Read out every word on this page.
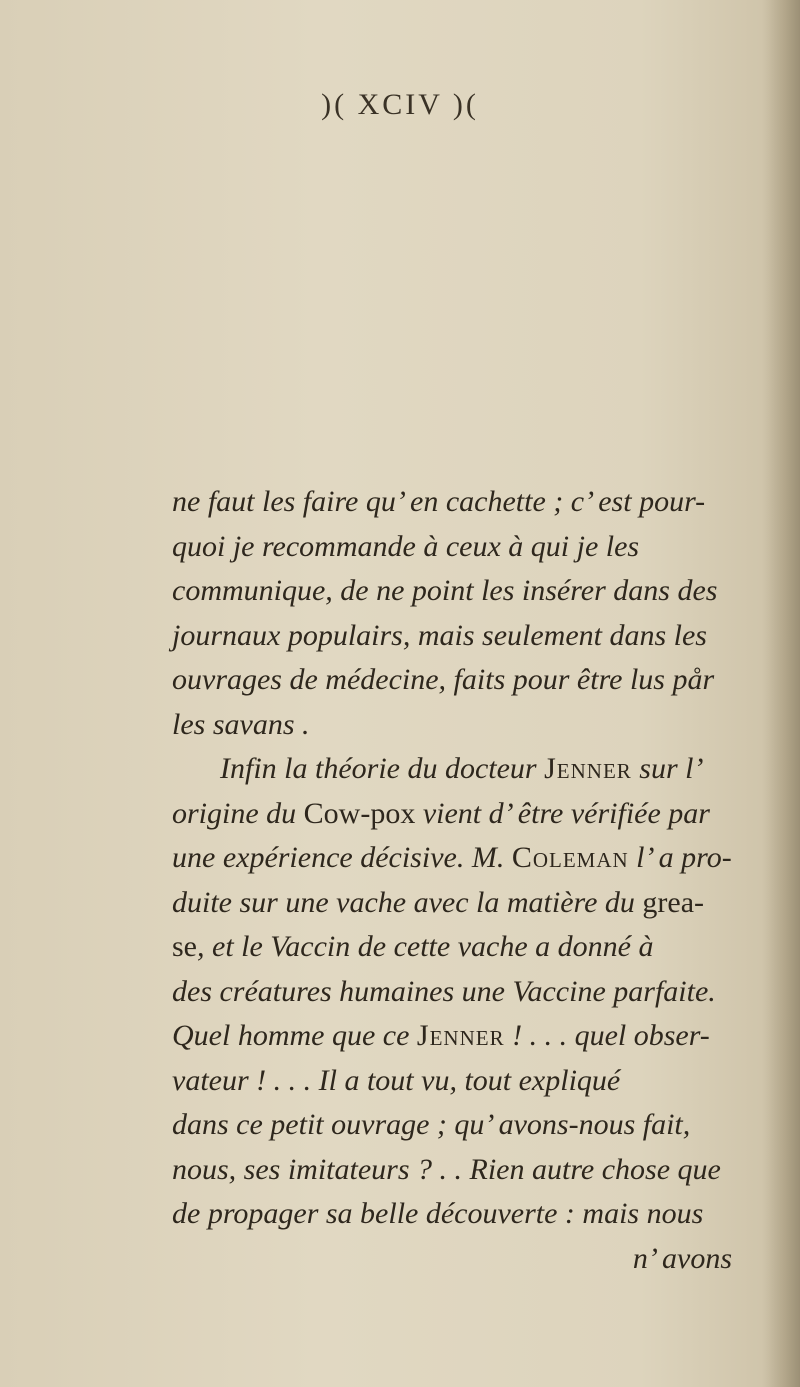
)( XCIV )(
ne faut les faire qu’ en cachette ; c’ est pour-
quoi je recommande à ceux à qui je les
communique, de ne point les insérer dans des
journaux populairs, mais seulement dans les
ouvrages de médecine, faits pour être lus pår
les savans .
Infin la théorie du docteur Jenner sur l’
origine du Cow-pox vient d’ être vérifiée par
une expérience décisive. M. Coleman l’ a pro-
duite sur une vache avec la matière du grea-
se, et le Vaccin de cette vache a donné à
des créatures humaines une Vaccine parfaite.
Quel homme que ce Jenner ! . . . quel obser-
vateur ! . . . Il a tout vu, tout expliqué
dans ce petit ouvrage ; qu’ avons-nous fait,
nous, ses imitateurs ? . . Rien autre chose que
de propager sa belle découverte : mais nous
n’ avons
